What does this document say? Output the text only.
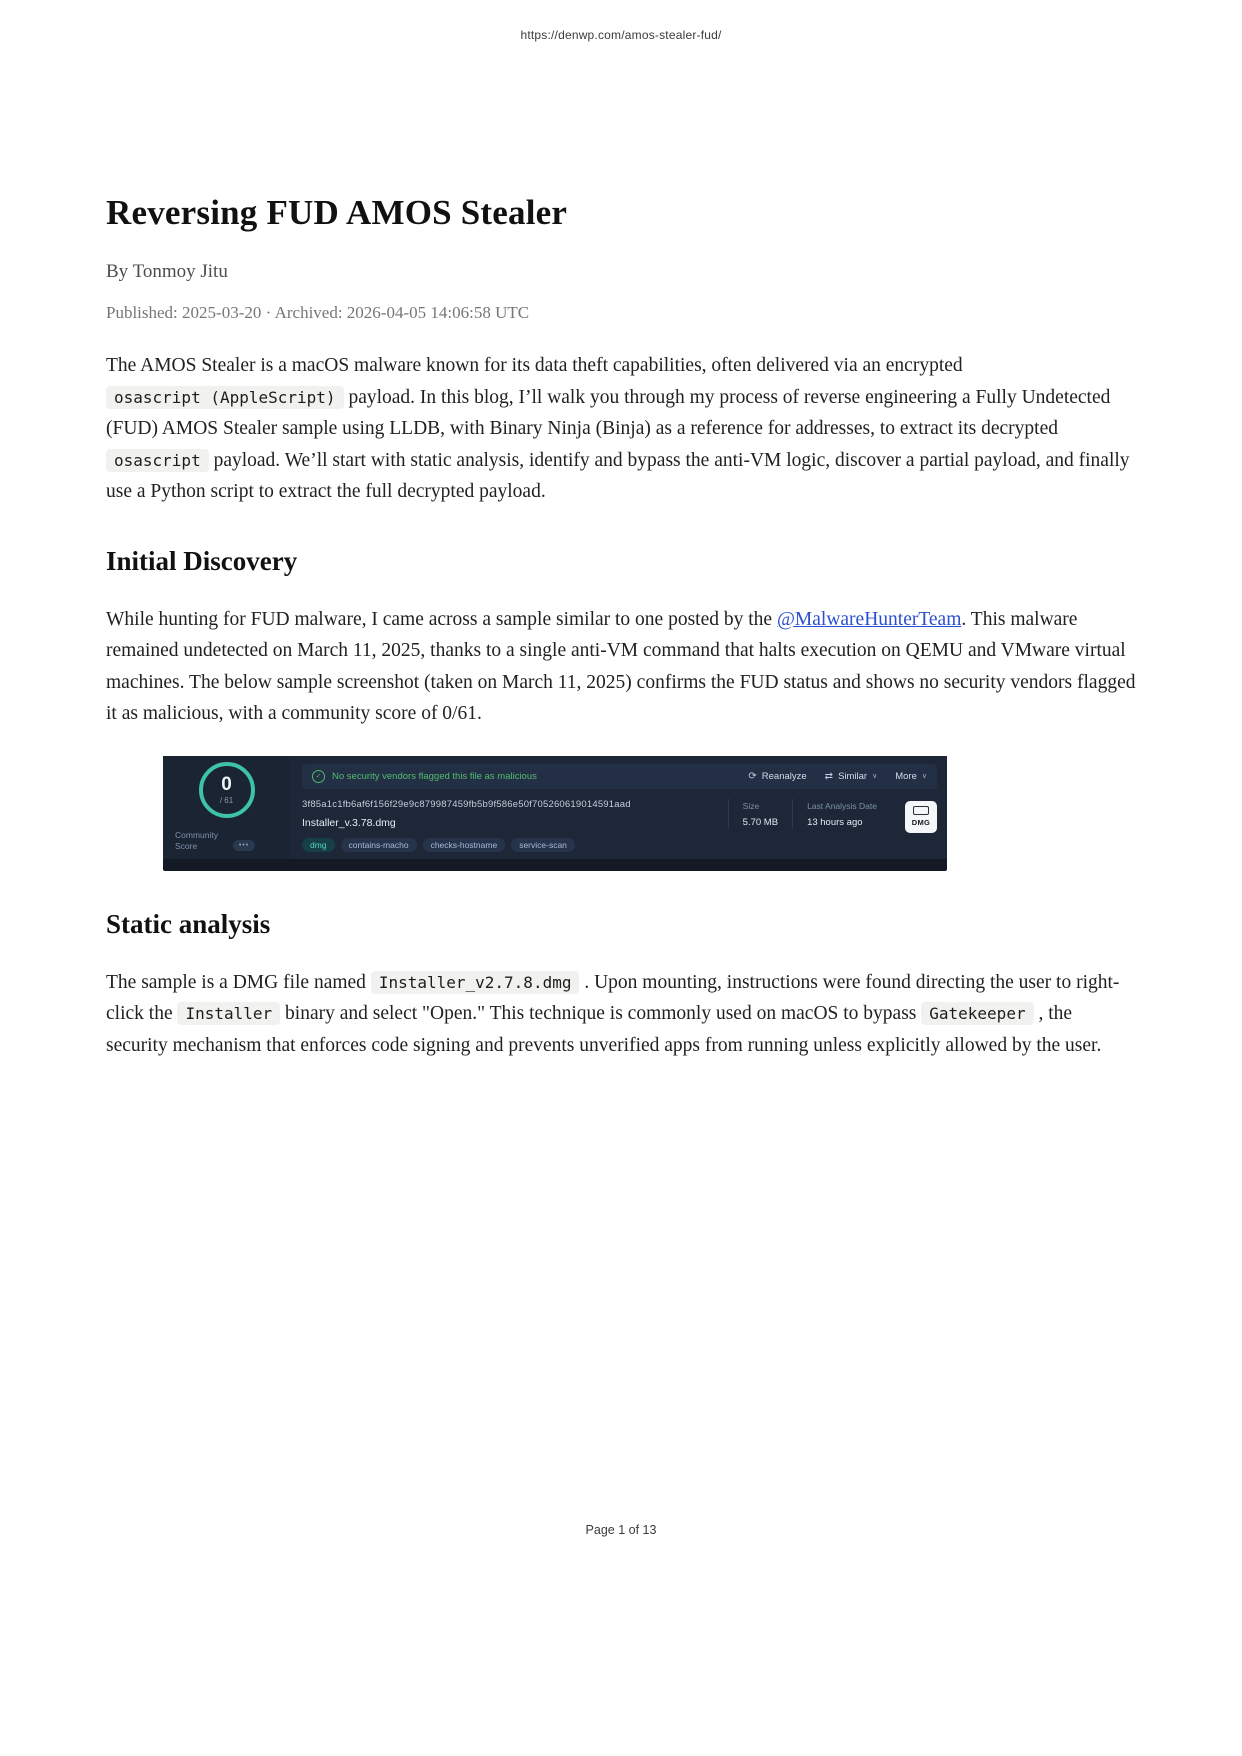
https://denwp.com/amos-stealer-fud/
Reversing FUD AMOS Stealer
By Tonmoy Jitu
Published: 2025-03-20 · Archived: 2026-04-05 14:06:58 UTC

The AMOS Stealer is a macOS malware known for its data theft capabilities, often delivered via an encrypted osascript (AppleScript) payload. In this blog, I’ll walk you through my process of reverse engineering a Fully Undetected (FUD) AMOS Stealer sample using LLDB, with Binary Ninja (Binja) as a reference for addresses, to extract its decrypted osascript payload. We’ll start with static analysis, identify and bypass the anti-VM logic, discover a partial payload, and finally use a Python script to extract the full decrypted payload.

Initial Discovery

While hunting for FUD malware, I came across a sample similar to one posted by the @MalwareHunterTeam. This malware remained undetected on March 11, 2025, thanks to a single anti-VM command that halts execution on QEMU and VMware virtual machines. The below sample screenshot (taken on March 11, 2025) confirms the FUD status and shows no security vendors flagged it as malicious, with a community score of 0/61.

0
/ 61
Community Score	•••
✓	No security vendors flagged this file as malicious	⟳ Reanalyze ⇄ Similar ∨ More ∨
3f85a1c1fb6af6f156f29e9c879987459fb5b9f586e50f705260619014591aad
Installer_v.3.78.dmg
dmg	contains-macho	checks-hostname	service-scan
Size
5.70 MB
Last Analysis Date
13 hours ago	DMG
Static analysis

The sample is a DMG file named Installer_v2.7.8.dmg . Upon mounting, instructions were found directing the user to right-click the Installer binary and select "Open." This technique is commonly used on macOS to bypass Gatekeeper , the security mechanism that enforces code signing and prevents unverified apps from running unless explicitly allowed by the user.

Page 1 of 13
